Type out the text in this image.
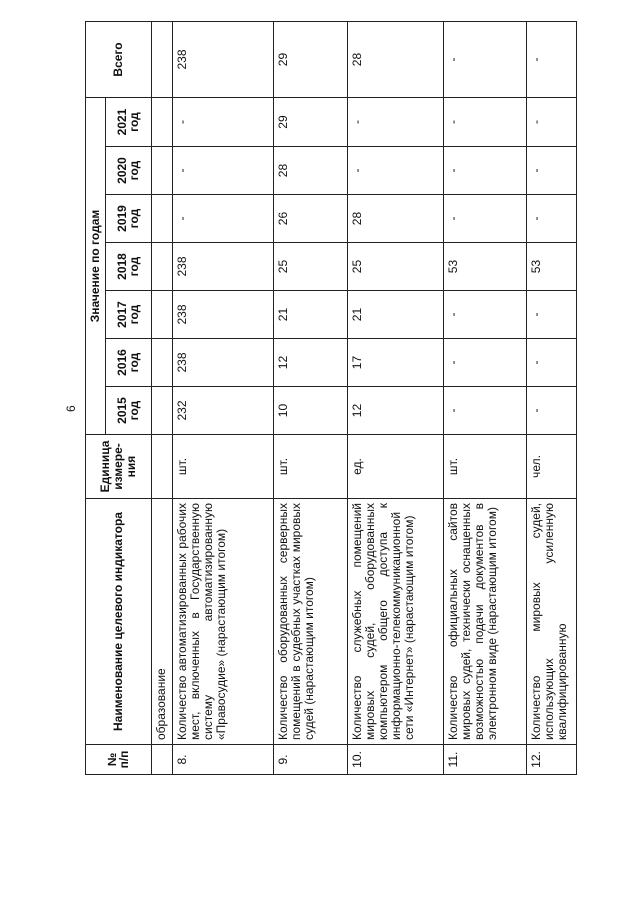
6
№ п/п	Наименование целевого индикатора	Единица измере-ния	Значение по годам							Всего
			2015 год	2016 год	2017 год	2018 год	2019 год	2020 год	2021 год	
	образование									
8.	Количество автоматизированных рабочих мест, включенных в Государственную систему автоматизированную «Правосудие» (нарастающим итогом)	шт.	232	238	238	238	-	-	-	238
9.	Количество оборудованных серверных помещений в судебных участках мировых судей (нарастающим итогом)	шт.	10	12	21	25	26	28	29	29
10.	Количество служебных помещений мировых судей, оборудованных компьютером общего доступа к информационно-телекоммуникационной сети «Интернет» (нарастающим итогом)	ед.	12	17	21	25	28	-	-	28
11.	Количество официальных сайтов мировых судей, технически оснащенных возможностью подачи документов в электронном виде (нарастающим итогом)	шт.	-	-	-	53	-	-	-	-
12.	Количество мировых судей, использующих усиленную квалифицированную	чел.	-	-	-	53	-	-	-	-
